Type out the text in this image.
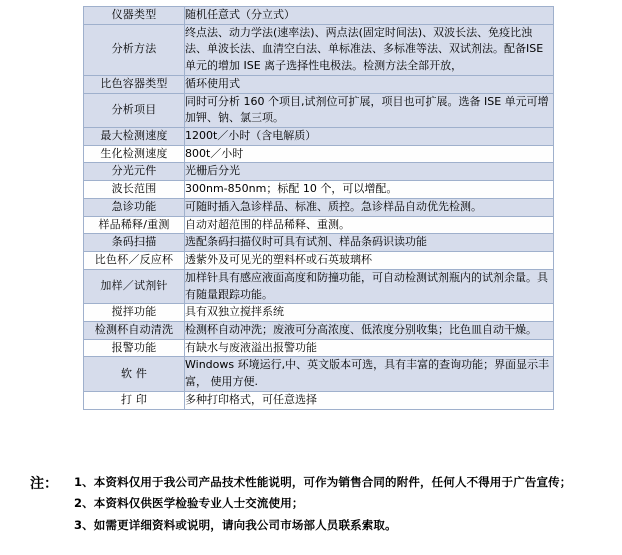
仪器类型	随机任意式（分立式）
分析方法	终点法、动力学法(速率法)、两点法(固定时间法)、双波长法、免疫比浊法、单波长法、血清空白法、单标准法、多标准等法、双试剂法。配备ISE 单元的增加 ISE 离子选择性电极法。检测方法全部开放，
比色容器类型	循环使用式
分析项目	同时可分析 160 个项目,试剂位可扩展，项目也可扩展。选备 ISE 单元可增加钾、钠、氯三项。
最大检测速度	1200t／小时（含电解质）
生化检测速度	800t／小时
分光元件	光栅后分光
波长范围	300nm-850nm；标配 10 个，可以增配。
急诊功能	可随时插入急诊样品、标准、质控。急诊样品自动优先检测。
样品稀释/重测	自动对超范围的样品稀释、重测。
条码扫描	选配条码扫描仪时可具有试剂、样品条码识读功能
比色杯／反应杯	透紫外及可见光的塑料杯或石英玻璃杯
加样／试剂针	加样针具有感应液面高度和防撞功能，可自动检测试剂瓶内的试剂余量。具有随量跟踪功能。
搅拌功能	具有双独立搅拌系统
检测杯自动清洗	检测杯自动冲洗；废液可分高浓度、低浓度分别收集；比色皿自动干燥。
报警功能	有缺水与废液溢出报警功能
软 件	Windows 环境运行,中、英文版本可选，具有丰富的查询功能；界面显示丰富， 使用方便.
打 印	多种打印格式，可任意选择
注：	1、本资料仅用于我公司产品技术性能说明，可作为销售合同的附件，任何人不得用于广告宣传；
2、本资料仅供医学检验专业人士交流使用；
3、如需更详细资料或说明，请向我公司市场部人员联系索取。
